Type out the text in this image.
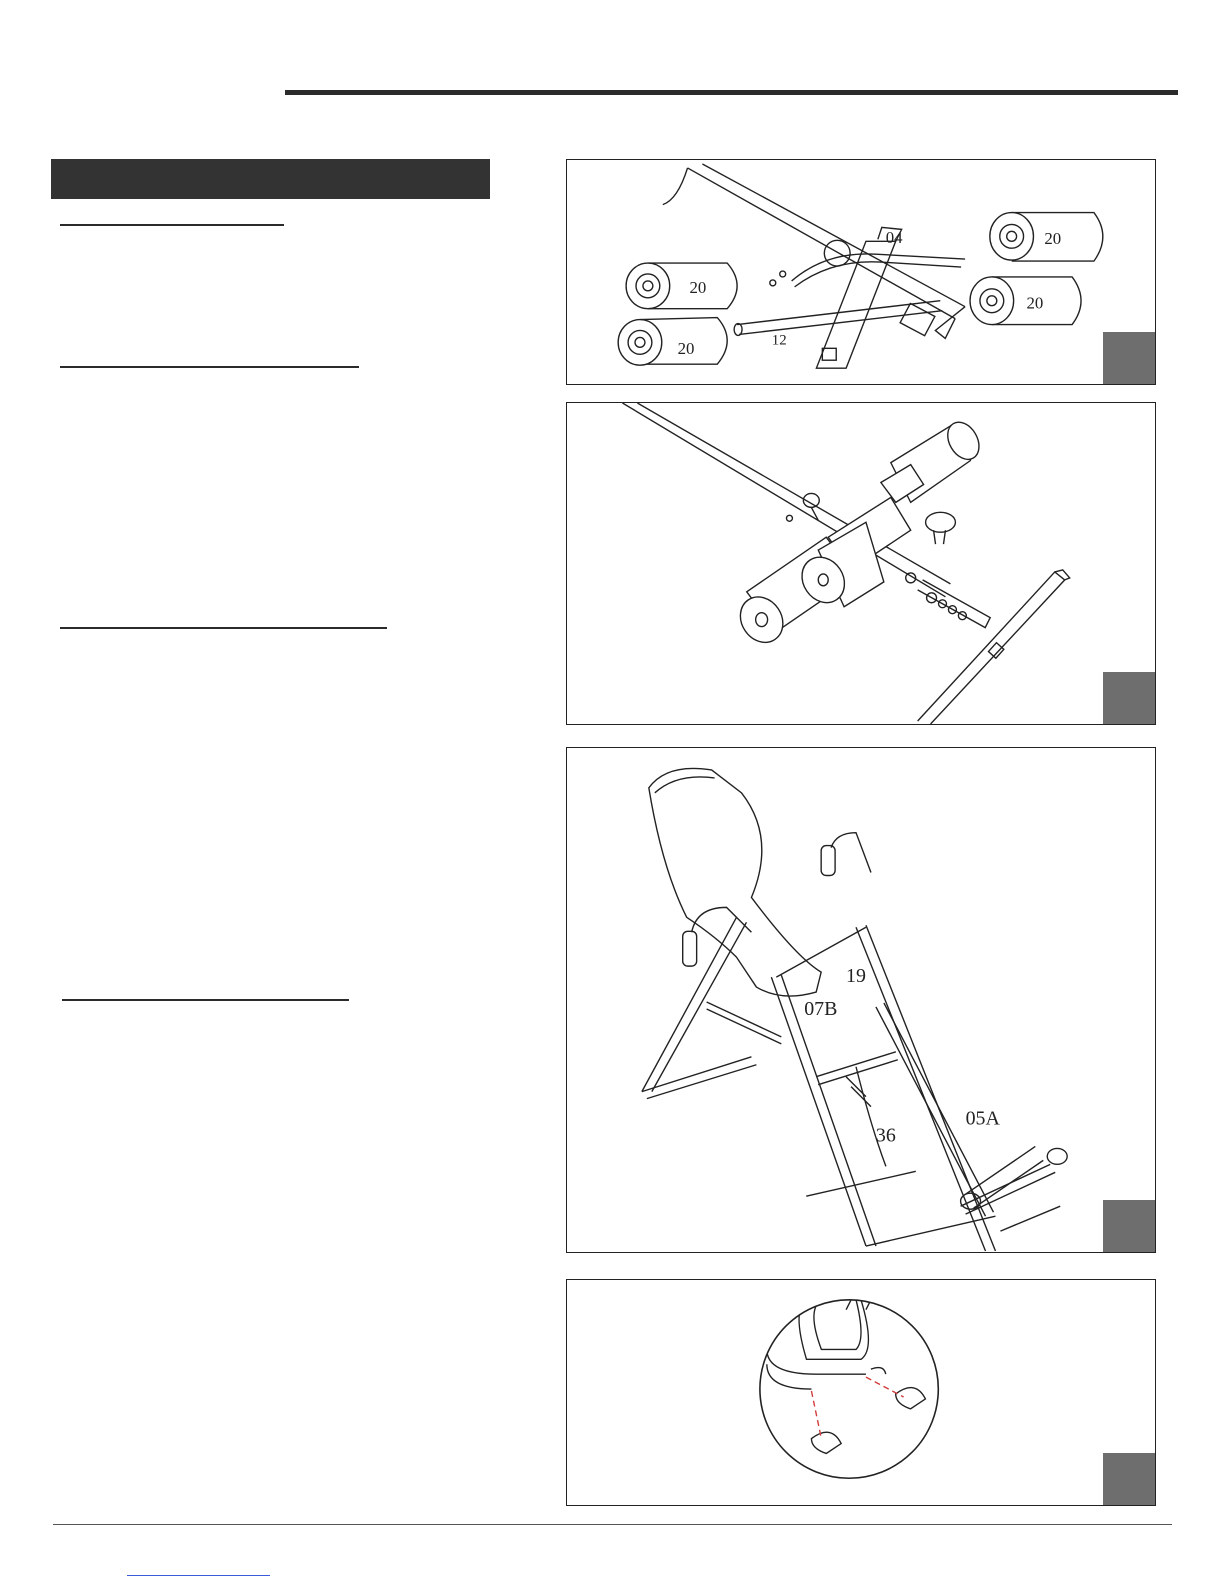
04
20
20
20
20
12
19
07B
36
05A
